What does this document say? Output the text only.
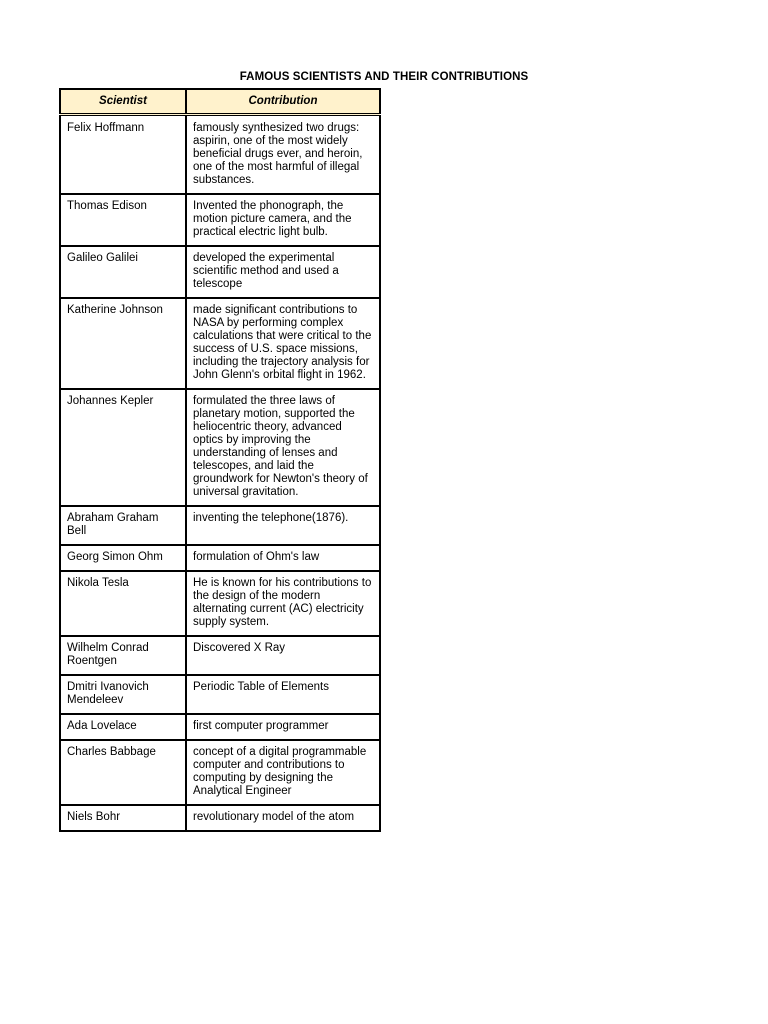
FAMOUS SCIENTISTS AND THEIR CONTRIBUTIONS
Scientist	Contribution
Felix Hoffmann	famously synthesized two drugs: aspirin, one of the most widely beneficial drugs ever, and heroin, one of the most harmful of illegal substances.
Thomas Edison	Invented the phonograph, the motion picture camera, and the practical electric light bulb.
Galileo Galilei	developed the experimental scientific method and used a telescope
Katherine Johnson	made significant contributions to NASA by performing complex calculations that were critical to the success of U.S. space missions, including the trajectory analysis for John Glenn's orbital flight in 1962.
Johannes Kepler	formulated the three laws of planetary motion, supported the heliocentric theory, advanced optics by improving the understanding of lenses and telescopes, and laid the groundwork for Newton's theory of universal gravitation.
Abraham Graham Bell	inventing the telephone(1876).
Georg Simon Ohm	formulation of Ohm's law
Nikola Tesla	He is known for his contributions to the design of the modern alternating current (AC) electricity supply system.
Wilhelm Conrad Roentgen	Discovered X Ray
Dmitri Ivanovich Mendeleev	Periodic Table of Elements
Ada Lovelace	first computer programmer
Charles Babbage	concept of a digital programmable computer and contributions to computing by designing the Analytical Engineer
Niels Bohr	revolutionary model of the atom
